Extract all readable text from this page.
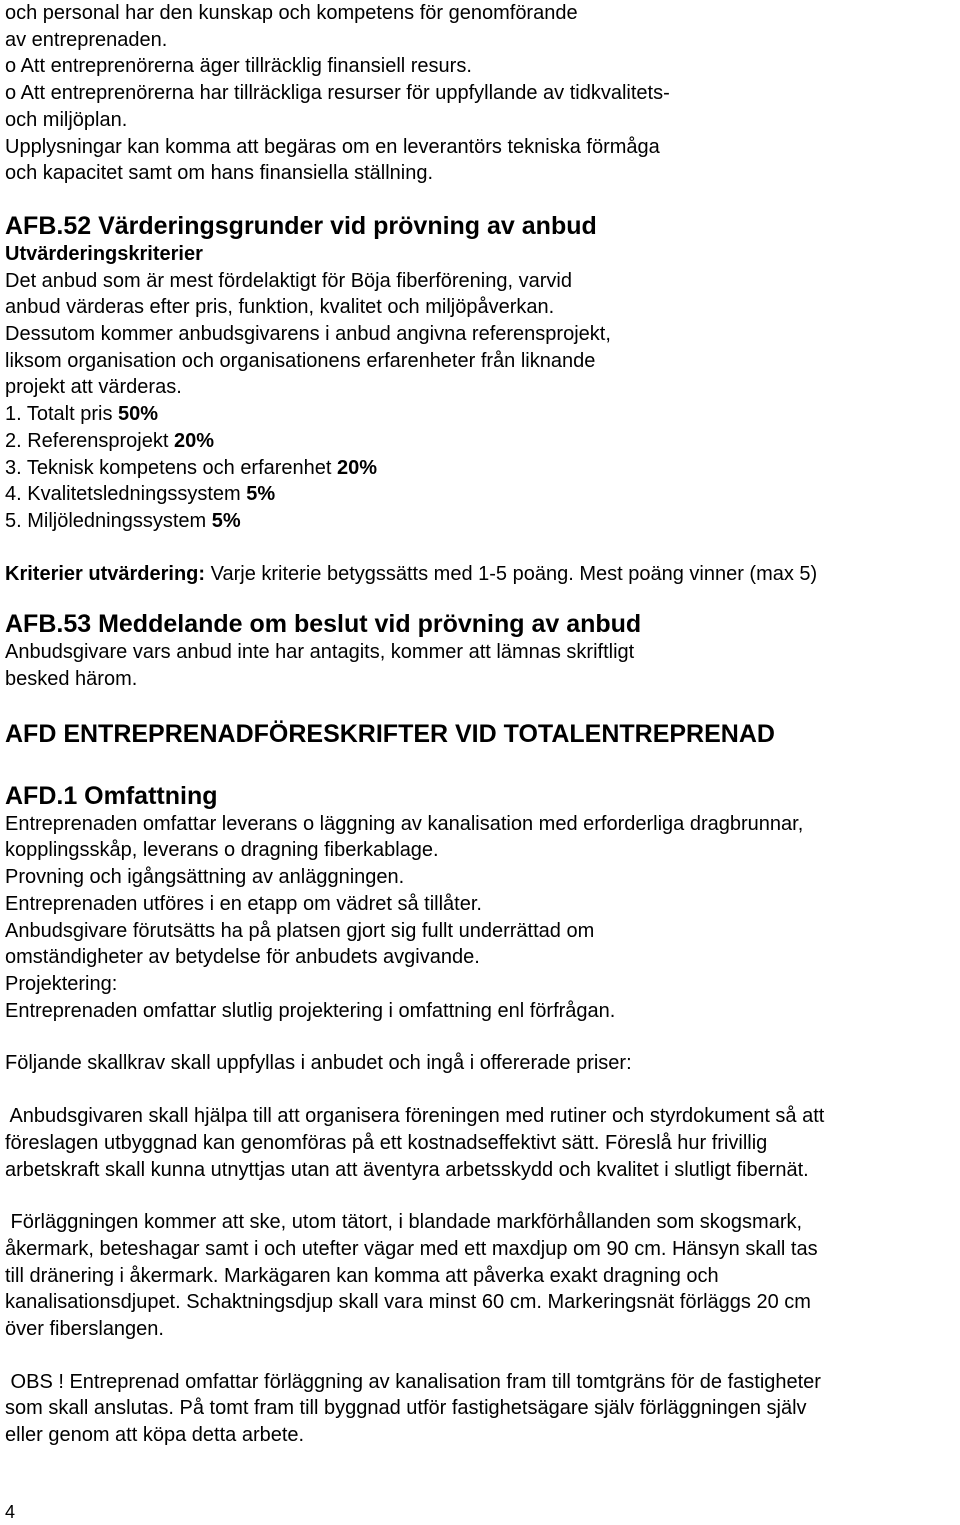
och personal har den kunskap och kompetens för genomförande
av entreprenaden.
o Att entreprenörerna äger tillräcklig finansiell resurs.
o Att entreprenörerna har tillräckliga resurser för uppfyllande av tidkvalitets-
och miljöplan.
Upplysningar kan komma att begäras om en leverantörs tekniska förmåga
och kapacitet samt om hans finansiella ställning.
AFB.52 Värderingsgrunder vid prövning av anbud
Utvärderingskriterier
Det anbud som är mest fördelaktigt för Böja fiberförening, varvid
anbud värderas efter pris, funktion, kvalitet och miljöpåverkan.
Dessutom kommer anbudsgivarens i anbud angivna referensprojekt,
liksom organisation och organisationens erfarenheter från liknande
projekt att värderas.
1. Totalt pris 50%
2. Referensprojekt 20%
3. Teknisk kompetens och erfarenhet 20%
4. Kvalitetsledningssystem 5%
5. Miljöledningssystem 5%
Kriterier utvärdering: Varje kriterie betygssätts med 1-5 poäng. Mest poäng vinner (max 5)
AFB.53 Meddelande om beslut vid prövning av anbud
Anbudsgivare vars anbud inte har antagits, kommer att lämnas skriftligt
besked härom.
AFD ENTREPRENADFÖRESKRIFTER VID TOTALENTREPRENAD
AFD.1 Omfattning
Entreprenaden omfattar leverans o läggning av kanalisation med erforderliga dragbrunnar,
kopplingsskåp, leverans o dragning fiberkablage.
Provning och igångsättning av anläggningen.
Entreprenaden utföres i en etapp om vädret så tillåter.
Anbudsgivare förutsätts ha på platsen gjort sig fullt underrättad om
omständigheter av betydelse för anbudets avgivande.
Projektering:
Entreprenaden omfattar slutlig projektering i omfattning enl förfrågan.
Följande skallkrav skall uppfyllas i anbudet och ingå i offererade priser:
Anbudsgivaren skall hjälpa till att organisera föreningen med rutiner och styrdokument så att
föreslagen utbyggnad kan genomföras på ett kostnadseffektivt sätt. Föreslå hur frivillig
arbetskraft skall kunna utnyttjas utan att äventyra arbetsskydd och kvalitet i slutligt fibernät.
Förläggningen kommer att ske, utom tätort, i blandade markförhållanden som skogsmark,
åkermark, beteshagar samt i och utefter vägar med ett maxdjup om 90 cm. Hänsyn skall tas
till dränering i åkermark. Markägaren kan komma att påverka exakt dragning och
kanalisationsdjupet. Schaktningsdjup skall vara minst 60 cm. Markeringsnät förläggs 20 cm
över fiberslangen.
OBS ! Entreprenad omfattar förläggning av kanalisation fram till tomtgräns för de fastigheter
som skall anslutas. På tomt fram till byggnad utför fastighetsägare själv förläggningen själv
eller genom att köpa detta arbete.
4
